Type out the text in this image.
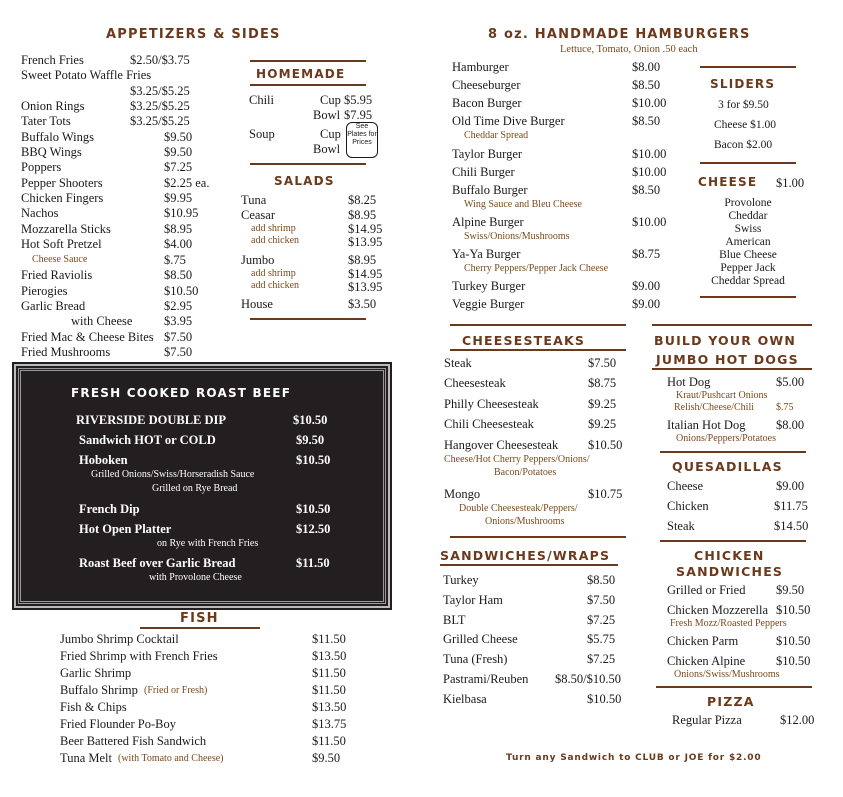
APPETIZERS & SIDES
French Fries	$2.50/$3.75
Sweet Potato Waffle Fries
$3.25/$5.25
Onion Rings	$3.25/$5.25
Tater Tots	$3.25/$5.25
Buffalo Wings	$9.50
BBQ Wings	$9.50
Poppers	$7.25
Pepper Shooters	$2.25 ea.
Chicken Fingers	$9.95
Nachos	$10.95
Mozzarella Sticks	$8.95
Hot Soft Pretzel	$4.00
Cheese Sauce	$.75
Fried Raviolis	$8.50
Pierogies	$10.50
Garlic Bread	$2.95
with Cheese	$3.95
Fried Mac & Cheese Bites $7.50
Fried Mushrooms	$7.50
HOMEMADE
Chili	Cup $5.95
Bowl $7.95
Soup	Cup
Bowl
See Plates for Prices
SALADS
Tuna	$8.25
Ceasar	$8.95
add shrimp	$14.95
add chicken	$13.95
Jumbo	$8.95
add shrimp	$14.95
add chicken	$13.95
House	$3.50
FRESH COOKED ROAST BEEF
RIVERSIDE DOUBLE DIP	$10.50
Sandwich HOT or COLD	$9.50
Hoboken	$10.50
Grilled Onions/Swiss/Horseradish Sauce
Grilled on Rye Bread
French Dip	$10.50
Hot Open Platter	$12.50
on Rye with French Fries
Roast Beef over Garlic Bread	$11.50
with Provolone Cheese
FISH
Jumbo Shrimp Cocktail	$11.50
Fried Shrimp with French Fries	$13.50
Garlic Shrimp	$11.50
Buffalo Shrimp (Fried or Fresh)	$11.50
Fish & Chips	$13.50
Fried Flounder Po-Boy	$13.75
Beer Battered Fish Sandwich	$11.50
Tuna Melt (with Tomato and Cheese)	$9.50
8 oz. HANDMADE HAMBURGERS
Lettuce, Tomato, Onion .50 each
Hamburger	$8.00
Cheeseburger	$8.50
Bacon Burger	$10.00
Old Time Dive Burger	$8.50
Cheddar Spread
Taylor Burger	$10.00
Chili Burger	$10.00
Buffalo Burger	$8.50
Wing Sauce and Bleu Cheese
Alpine Burger	$10.00
Swiss/Onions/Mushrooms
Ya-Ya Burger	$8.75
Cherry Peppers/Pepper Jack Cheese
Turkey Burger	$9.00
Veggie Burger	$9.00
SLIDERS
3 for $9.50
Cheese $1.00
Bacon $2.00
CHEESE $1.00
Provolone
Cheddar
Swiss
American
Blue Cheese
Pepper Jack
Cheddar Spread
CHEESESTEAKS
Steak	$7.50
Cheesesteak	$8.75
Philly Cheesesteak	$9.25
Chili Cheesesteak	$9.25
Hangover Cheesesteak $10.50
Mongo	$10.75
Cheese/Hot Cherry Peppers/Onions/
Bacon/Potatoes
Double Cheesesteak/Peppers/
Onions/Mushrooms
SANDWICHES/WRAPS
Turkey	$8.50
Taylor Ham	$7.50
BLT	$7.25
Grilled Cheese	$5.75
Tuna (Fresh)	$7.25
Pastrami/Reuben $8.50/$10.50
Kielbasa	$10.50
BUILD YOUR OWN
JUMBO HOT DOGS
Hot Dog	$5.00
Kraut/Pushcart Onions
Relish/Cheese/Chili $.75
Italian Hot Dog $8.00
Onions/Peppers/Potatoes
QUESADILLAS
Cheese	$9.00
Chicken	$11.75
Steak	$14.50
CHICKEN
SANDWICHES
Grilled or Fried $9.50
Chicken Mozzerella $10.50
Fresh Mozz/Roasted Peppers
Chicken Parm	$10.50
Chicken Alpine $10.50
Onions/Swiss/Mushrooms
PIZZA
Regular Pizza	$12.00
Turn any Sandwich to CLUB or JOE for $2.00
